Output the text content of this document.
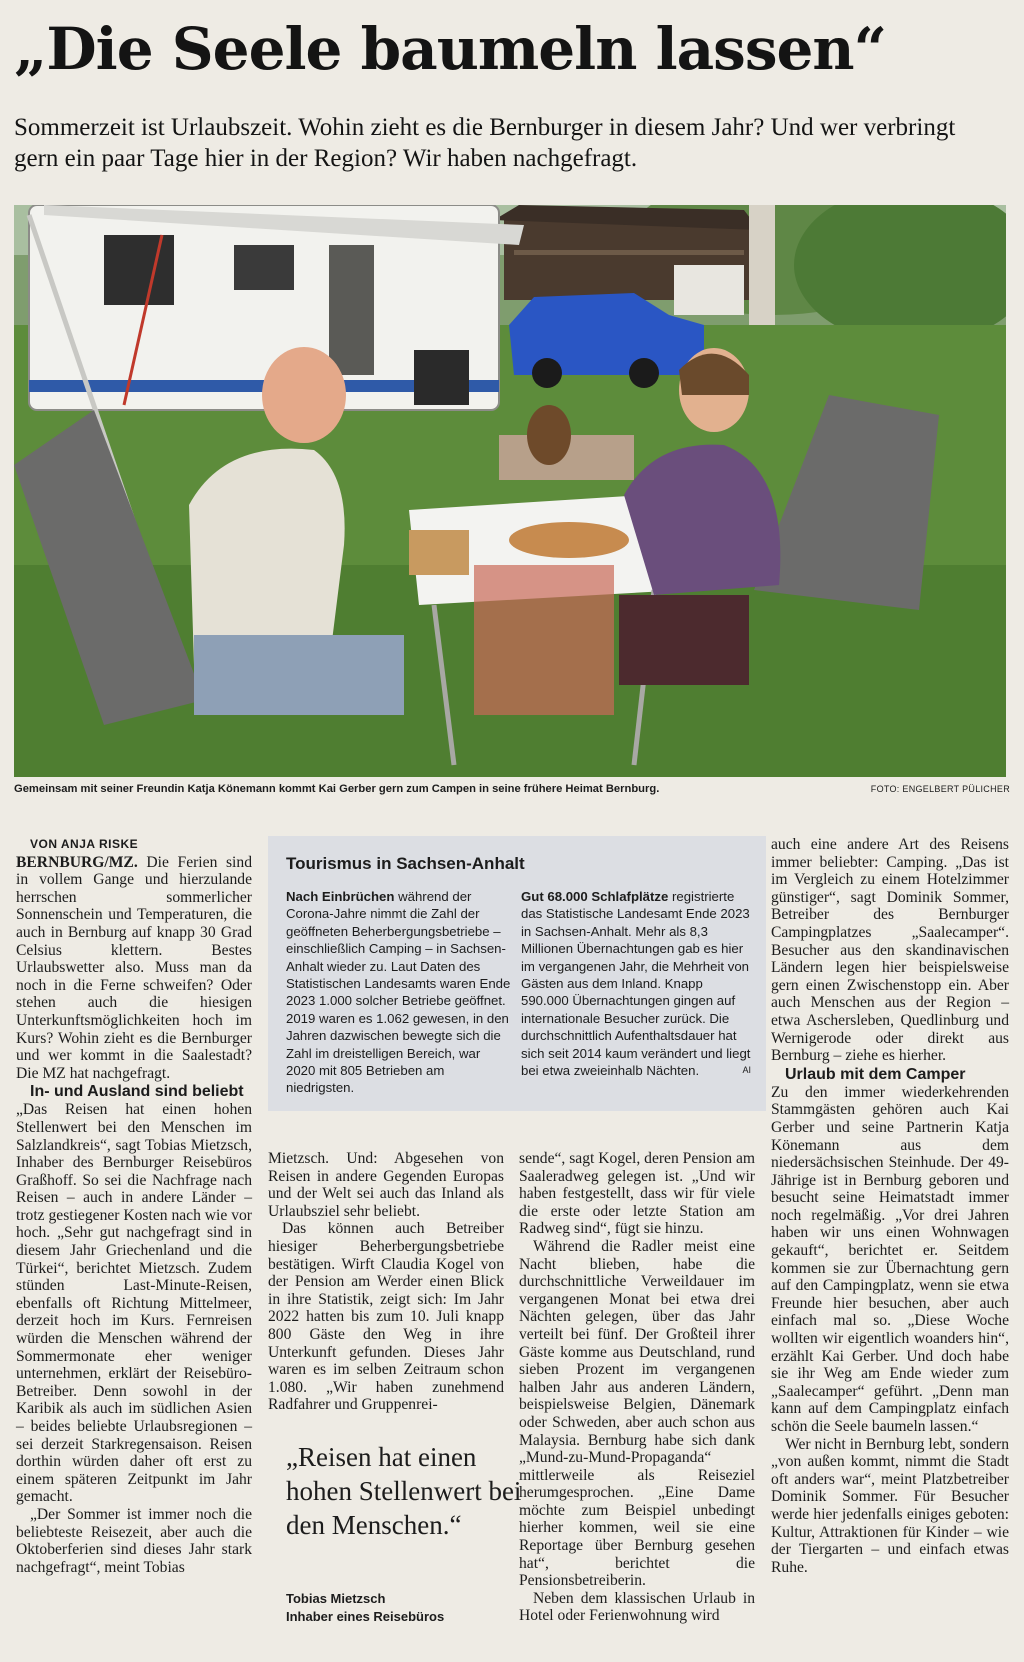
„Die Seele baumeln lassen“
Sommerzeit ist Urlaubszeit. Wohin zieht es die Bernburger in diesem Jahr? Und wer verbringt gern ein paar Tage hier in der Region? Wir haben nachgefragt.
Gemeinsam mit seiner Freundin Katja Könemann kommt Kai Gerber gern zum Campen in seine frühere Heimat Bernburg.	FOTO: ENGELBERT PÜLICHER

VON ANJA RISKE

BERNBURG/MZ. Die Ferien sind in vollem Gange und hierzulande herrschen sommerlicher Sonnenschein und Temperaturen, die auch in Bernburg auf knapp 30 Grad Celsius klettern. Bestes Urlaubswetter also. Muss man da noch in die Ferne schweifen? Oder stehen auch die hiesigen Unterkunftsmöglichkeiten hoch im Kurs? Wohin zieht es die Bernburger und wer kommt in die Saalestadt? Die MZ hat nachgefragt.

In- und Ausland sind beliebt

„Das Reisen hat einen hohen Stellenwert bei den Menschen im Salzlandkreis“, sagt Tobias Mietzsch, Inhaber des Bernburger Reisebüros Graßhoff. So sei die Nachfrage nach Reisen – auch in andere Länder – trotz gestiegener Kosten nach wie vor hoch. „Sehr gut nachgefragt sind in diesem Jahr Griechenland und die Türkei“, berichtet Mietzsch. Zudem stünden Last-Minute-Reisen, ebenfalls oft Richtung Mittelmeer, derzeit hoch im Kurs. Fernreisen würden die Menschen während der Sommermonate eher weniger unternehmen, erklärt der Reisebüro-Betreiber. Denn sowohl in der Karibik als auch im südlichen Asien – beides beliebte Urlaubsregionen – sei derzeit Starkregensaison. Reisen dorthin würden daher oft erst zu einem späteren Zeitpunkt im Jahr gemacht.

„Der Sommer ist immer noch die beliebteste Reisezeit, aber auch die Oktoberferien sind dieses Jahr stark nachgefragt“, meint Tobias

Tourismus in Sachsen-Anhalt
Nach Einbrüchen während der Corona-Jahre nimmt die Zahl der geöffneten Beherbergungsbetriebe – einschließlich Camping – in Sachsen-Anhalt wieder zu. Laut Daten des Statistischen Landesamts waren Ende 2023 1.000 solcher Betriebe geöffnet. 2019 waren es 1.062 gewesen, in den Jahren dazwischen bewegte sich die Zahl im dreistelligen Bereich, war 2020 mit 805 Betrieben am niedrigsten.
Gut 68.000 Schlafplätze registrierte das Statistische Landesamt Ende 2023 in Sachsen-Anhalt. Mehr als 8,3 Millionen Übernachtungen gab es hier im vergangenen Jahr, die Mehrheit von Gästen aus dem Inland. Knapp 590.000 Übernachtungen gingen auf internationale Besucher zurück. Die durchschnittlich Aufenthaltsdauer hat sich seit 2014 kaum verändert und liegt bei etwa zweieinhalb Nächten.	AI

Mietzsch. Und: Abgesehen von Reisen in andere Gegenden Europas und der Welt sei auch das Inland als Urlaubsziel sehr beliebt.

Das können auch Betreiber hiesiger Beherbergungsbetriebe bestätigen. Wirft Claudia Kogel von der Pension am Werder einen Blick in ihre Statistik, zeigt sich: Im Jahr 2022 hatten bis zum 10. Juli knapp 800 Gäste den Weg in ihre Unterkunft gefunden. Dieses Jahr waren es im selben Zeitraum schon 1.080. „Wir haben zunehmend Radfahrer und Gruppenrei-

„Reisen hat einen hohen Stellenwert bei den Menschen.“
Tobias Mietzsch
Inhaber eines Reisebüros

sende“, sagt Kogel, deren Pension am Saaleradweg gelegen ist. „Und wir haben festgestellt, dass wir für viele die erste oder letzte Station am Radweg sind“, fügt sie hinzu.

Während die Radler meist eine Nacht blieben, habe die durchschnittliche Verweildauer im vergangenen Monat bei etwa drei Nächten gelegen, über das Jahr verteilt bei fünf. Der Großteil ihrer Gäste komme aus Deutschland, rund sieben Prozent im vergangenen halben Jahr aus anderen Ländern, beispielsweise Belgien, Dänemark oder Schweden, aber auch schon aus Malaysia. Bernburg habe sich dank „Mund-zu-Mund-Propaganda“ mittlerweile als Reiseziel herumgesprochen. „Eine Dame möchte zum Beispiel unbedingt hierher kommen, weil sie eine Reportage über Bernburg gesehen hat“, berichtet die Pensionsbetreiberin.

Neben dem klassischen Urlaub in Hotel oder Ferienwohnung wird

auch eine andere Art des Reisens immer beliebter: Camping. „Das ist im Vergleich zu einem Hotelzimmer günstiger“, sagt Dominik Sommer, Betreiber des Bernburger Campingplatzes „Saalecamper“. Besucher aus den skandinavischen Ländern legen hier beispielsweise gern einen Zwischenstopp ein. Aber auch Menschen aus der Region – etwa Aschersleben, Quedlinburg und Wernigerode oder direkt aus Bernburg – ziehe es hierher.

Urlaub mit dem Camper

Zu den immer wiederkehrenden Stammgästen gehören auch Kai Gerber und seine Partnerin Katja Könemann aus dem niedersächsischen Steinhude. Der 49-Jährige ist in Bernburg geboren und besucht seine Heimatstadt immer noch regelmäßig. „Vor drei Jahren haben wir uns einen Wohnwagen gekauft“, berichtet er. Seitdem kommen sie zur Übernachtung gern auf den Campingplatz, wenn sie etwa Freunde hier besuchen, aber auch einfach mal so. „Diese Woche wollten wir eigentlich woanders hin“, erzählt Kai Gerber. Und doch habe sie ihr Weg am Ende wieder zum „Saalecamper“ geführt. „Denn man kann auf dem Campingplatz einfach schön die Seele baumeln lassen.“

Wer nicht in Bernburg lebt, sondern „von außen kommt, nimmt die Stadt oft anders war“, meint Platzbetreiber Dominik Sommer. Für Besucher werde hier jedenfalls einiges geboten: Kultur, Attraktionen für Kinder – wie der Tiergarten – und einfach etwas Ruhe.
